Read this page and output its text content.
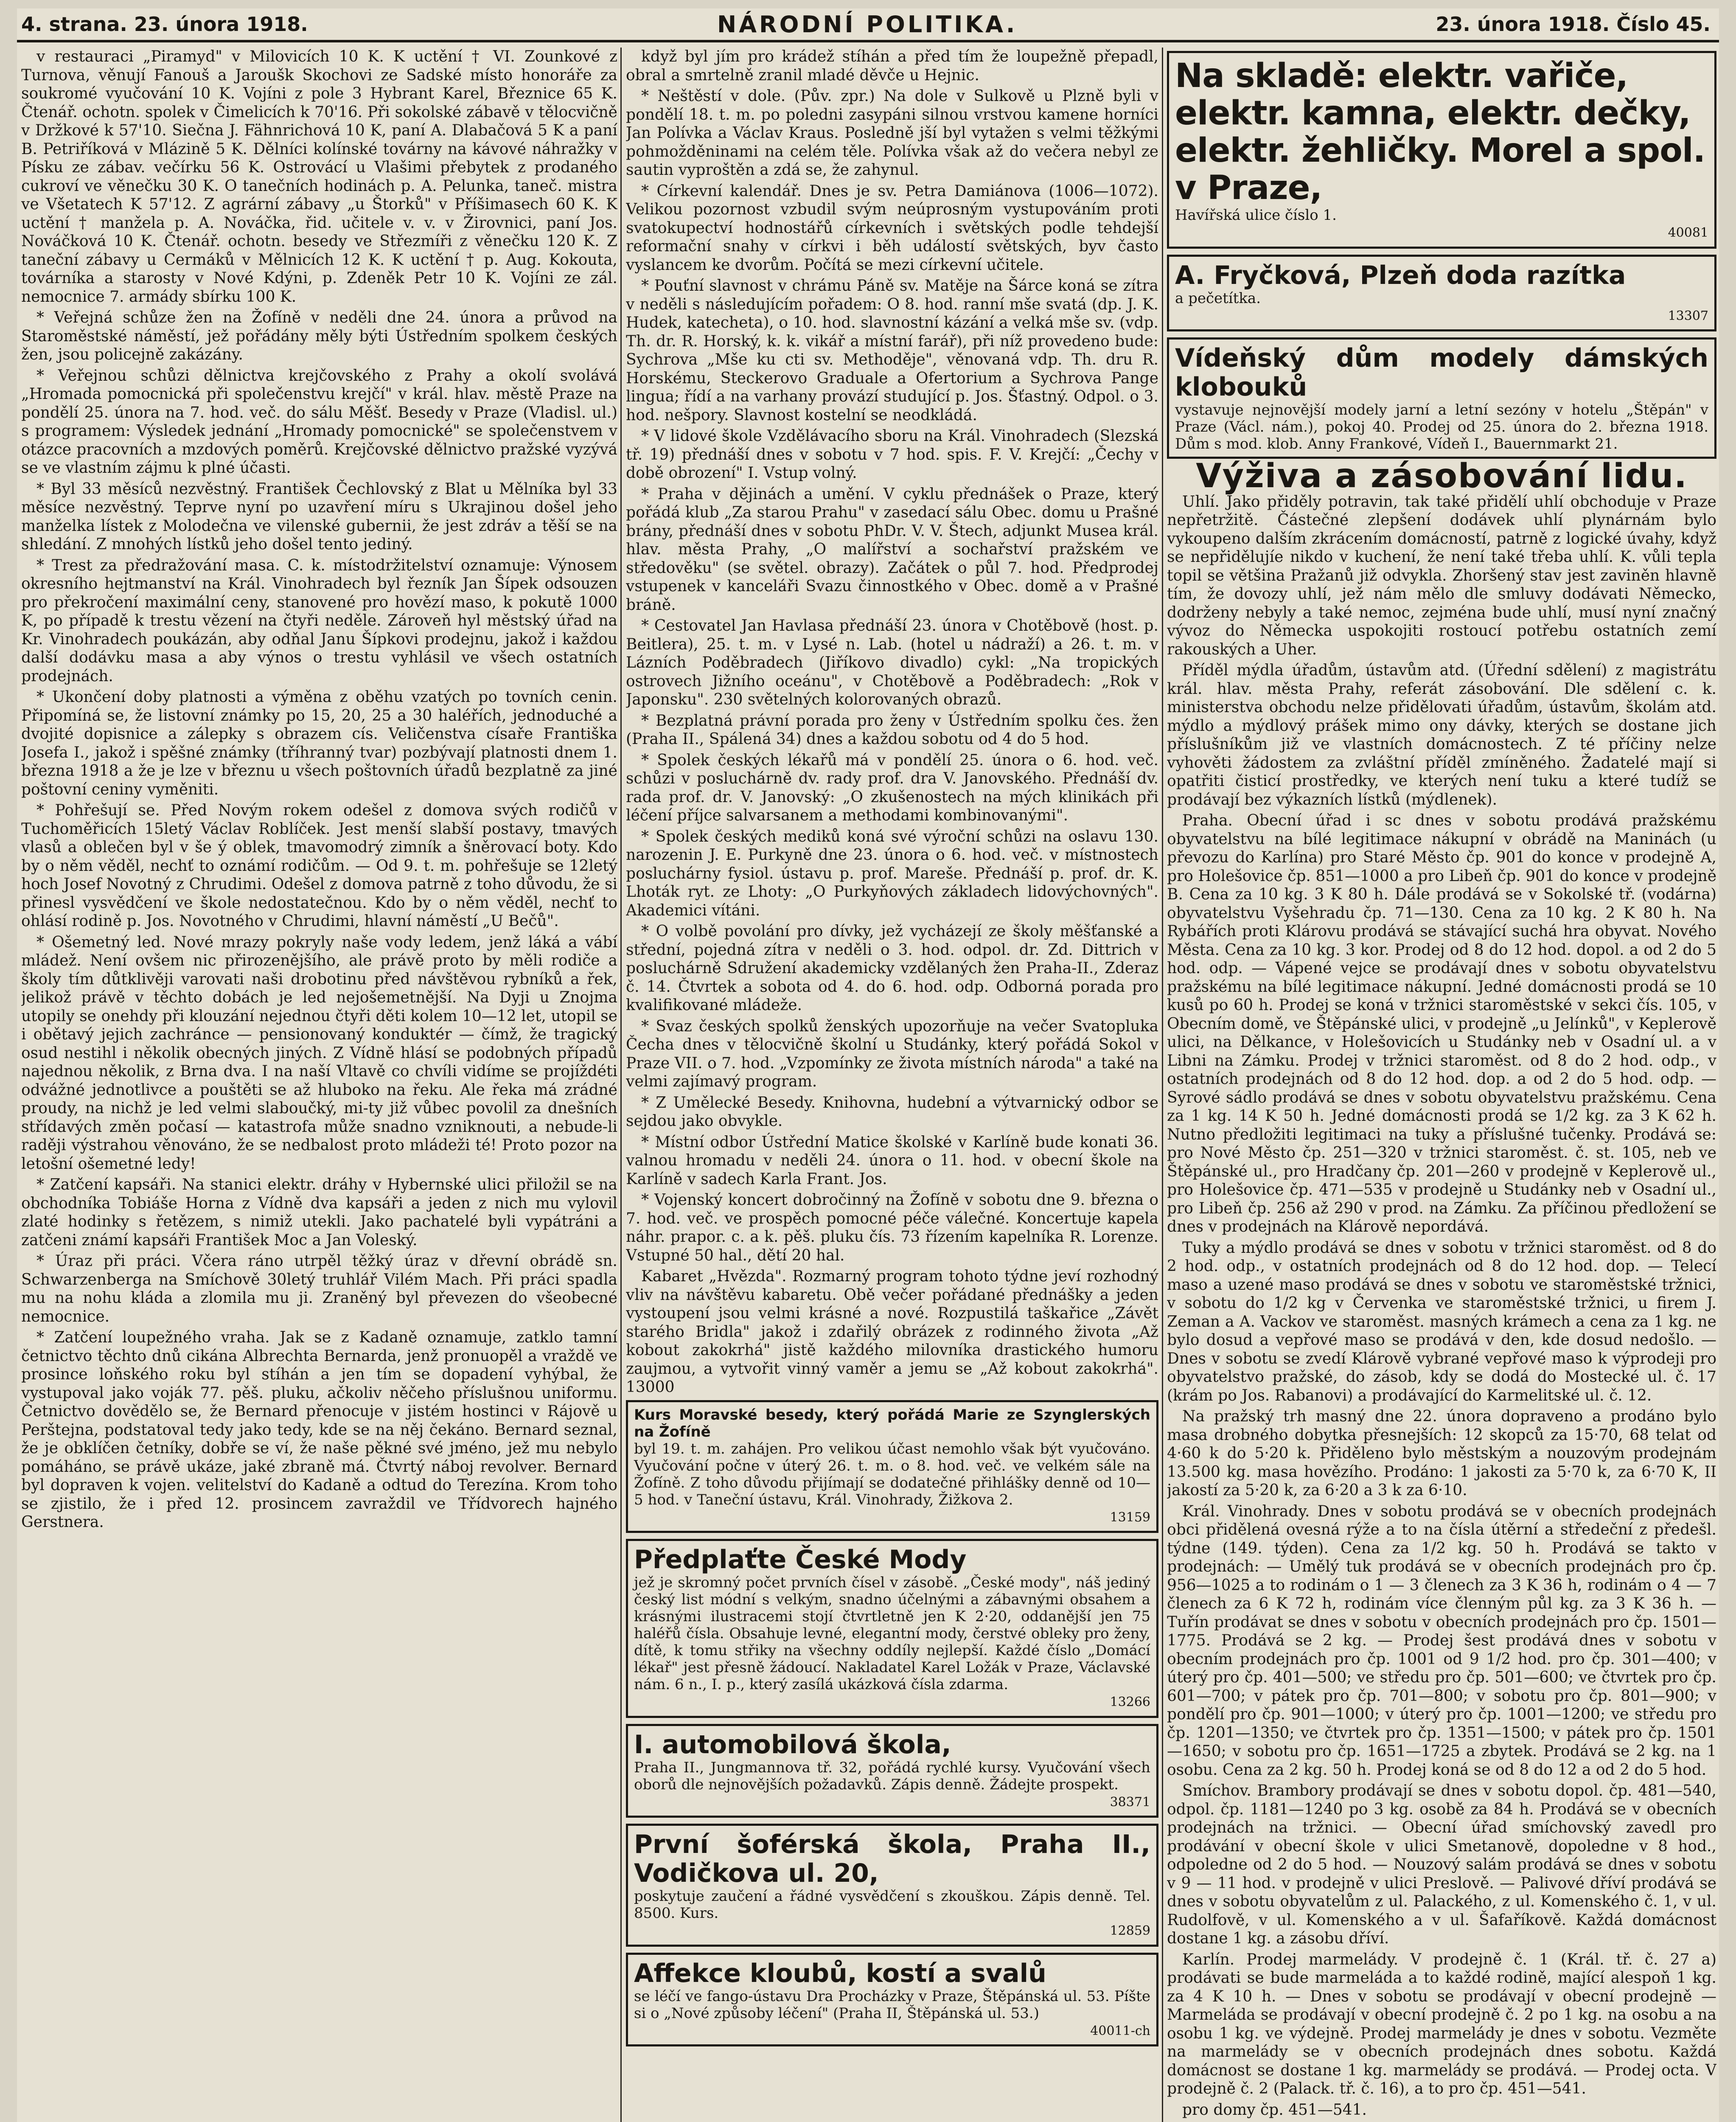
4. strana. 23. února 1918.	NÁRODNÍ POLITIKA.	23. února 1918. Číslo 45.

v restauraci „Piramyd" v Milovicích 10 K. K uctění † VI. Zounkové z Turnova, věnují Fanouš a Jaroušk Skochovi ze Sadské místo honoráře za soukromé vyučování 10 K. Vojíni z pole 3 Hybrant Karel, Březnice 65 K. Čtenář. ochotn. spolek v Čimelicích k 70'16. Při sokolské zábavě v tělocvičně v Držkové k 57'10. Siečna J. Fähnrichová 10 K, paní A. Dlabačová 5 K a paní B. Petriříková v Mlázině 5 K. Dělníci kolínské továrny na kávové náhražky v Písku ze zábav. večírku 56 K. Ostrovácí u Vlašimi přebytek z prodaného cukroví ve věnečku 30 K. O tanečních hodinách p. A. Pelunka, taneč. mistra ve Všetatech K 57'12. Z agrární zábavy „u Štorků" v Příšimasech 60 K. K uctění † manžela p. A. Nováčka, řid. učitele v. v. v Žirovnici, paní Jos. Nováčková 10 K. Čtenář. ochotn. besedy ve Střezmíři z věnečku 120 K. Z taneční zábavy u Cermáků v Mělnicích 12 K. K uctění † p. Aug. Kokouta, továrníka a starosty v Nové Kdýni, p. Zdeněk Petr 10 K. Vojíni ze zál. nemocnice 7. armády sbírku 100 K.

* Veřejná schůze žen na Žofíně v neděli dne 24. února a průvod na Staroměstské náměstí, jež pořádány měly býti Ústředním spolkem českých žen, jsou policejně zakázány.

* Veřejnou schůzi dělnictva krejčovského z Prahy a okolí svolává „Hromada pomocnická při společenstvu krejčí" v král. hlav. městě Praze na pondělí 25. února na 7. hod. več. do sálu Měšť. Besedy v Praze (Vladisl. ul.) s programem: Výsledek jednání „Hromady pomocnické" se společenstvem v otázce pracovních a mzdových poměrů. Krejčovské dělnictvo pražské vyzývá se ve vlastním zájmu k plné účasti.

* Byl 33 měsíců nezvěstný. František Čechlovský z Blat u Mělníka byl 33 měsíce nezvěstný. Teprve nyní po uzavření míru s Ukrajinou došel jeho manželka lístek z Molodečna ve vilenské gubernii, že jest zdráv a těší se na shledání. Z mnohých lístků jeho došel tento jediný.

* Trest za předražování masa. C. k. místodržitelství oznamuje: Výnosem okresního hejtmanství na Král. Vinohradech byl řezník Jan Šípek odsouzen pro překročení maximální ceny, stanovené pro hovězí maso, k pokutě 1000 K, po případě k trestu vězení na čtyři neděle. Zároveň hyl městský úřad na Kr. Vinohradech poukázán, aby odňal Janu Šípkovi prodejnu, jakož i každou další dodávku masa a aby výnos o trestu vyhlásil ve všech ostatních prodejnách.

* Ukončení doby platnosti a výměna z oběhu vzatých po tovních cenin. Připomíná se, že listovní známky po 15, 20, 25 a 30 haléřích, jednoduché a dvojité dopisnice a zálepky s obrazem cís. Veličenstva císaře Františka Josefa I., jakož i spěšné známky (tříhranný tvar) pozbývají platnosti dnem 1. března 1918 a že je lze v březnu u všech poštovních úřadů bezplatně za jiné poštovní ceniny vyměniti.

* Pohřešují se. Před Novým rokem odešel z domova svých rodičů v Tuchoměřicích 15letý Václav Roblíček. Jest menší slabší postavy, tmavých vlasů a oblečen byl v še ý oblek, tmavomodrý zimník a šněrovací boty. Kdo by o něm věděl, nechť to oznámí rodičům. — Od 9. t. m. pohřešuje se 12letý hoch Josef Novotný z Chrudimi. Odešel z domova patrně z toho důvodu, že si přinesl vysvědčení ve škole nedostatečnou. Kdo by o něm věděl, nechť to ohlásí rodině p. Jos. Novotného v Chrudimi, hlavní náměstí „U Bečů".

* Ošemetný led. Nové mrazy pokryly naše vody ledem, jenž láká a vábí mládež. Není ovšem nic přirozenějšího, ale právě proto by měli rodiče a školy tím důtklivěji varovati naši drobotinu před návštěvou rybníků a řek, jelikož právě v těchto dobách je led nejošemetnější. Na Dyji u Znojma utopily se onehdy při klouzání nejednou čtyři děti kolem 10—12 let, utopil se i obětavý jejich zachránce — pensionovaný konduktér — čímž, že tragický osud nestihl i několik obecných jiných. Z Vídně hlásí se podobných případů najednou několik, z Brna dva. I na naší Vltavě co chvíli vidíme se projíždéti odvážné jednotlivce a pouštěti se až hluboko na řeku. Ale řeka má zrádné proudy, na nichž je led velmi slaboučký, mi-ty již vůbec povolil za dnešních střídavých změn počasí — katastrofa může snadno vzniknouti, a nebude-li raději výstrahou věnováno, že se nedbalost proto mládeži té! Proto pozor na letošní ošemetné ledy!

* Zatčení kapsáři. Na stanici elektr. dráhy v Hybernské ulici přiložil se na obchodníka Tobiáše Horna z Vídně dva kapsáři a jeden z nich mu vylovil zlaté hodinky s řetězem, s nimiž utekli. Jako pachatelé byli vypátráni a zatčeni známí kapsáři František Moc a Jan Voleský.

* Úraz při práci. Včera ráno utrpěl těžký úraz v dřevní obrádě sn. Schwarzenberga na Smíchově 30letý truhlář Vilém Mach. Při práci spadla mu na nohu kláda a zlomila mu ji. Zraněný byl převezen do všeobecné nemocnice.

* Zatčení loupežného vraha. Jak se z Kadaně oznamuje, zatklo tamní četnictvo těchto dnů cikána Albrechta Bernarda, jenž pronuopěl a vraždě ve prosince loňského roku byl stíhán a jen tím se dopadení vyhýbal, že vystupoval jako voják 77. pěš. pluku, ačkoliv něčeho příslušnou uniformu. Četnictvo dovědělo se, že Bernard přenocuje v jistém hostinci v Rájově u Perštejna, podstatoval tedy jako tedy, kde se na něj čekáno. Bernard seznal, že je obklíčen četníky, dobře se ví, že naše pěkné své jméno, jež mu nebylo pomáháno, se právě ukáze, jaké zbraně má. Čtvrtý náboj revolver. Bernard byl dopraven k vojen. velitelství do Kadaně a odtud do Terezína. Krom toho se zjistilo, že i před 12. prosincem zavraždil ve Třídvorech hajného Gerstnera.

když byl jím pro krádež stíhán a před tím že loupežně přepadl, obral a smrtelně zranil mladé děvče u Hejnic.

* Neštěstí v dole. (Pův. zpr.) Na dole v Sulkově u Plzně byli v pondělí 18. t. m. po poledni zasypáni silnou vrstvou kamene horníci Jan Polívka a Václav Kraus. Posledně jší byl vytažen s velmi těžkými pohmožděninami na celém těle. Polívka však až do večera nebyl ze sautin vyproštěn a zdá se, že zahynul.

* Církevní kalendář. Dnes je sv. Petra Damiánova (1006—1072). Velikou pozornost vzbudil svým neúprosným vystupováním proti svatokupectví hodnostářů církevních i světských podle tehdejší reformační snahy v církvi i běh událostí světských, byv často vyslancem ke dvorům. Počítá se mezi církevní učitele.

* Pouťní slavnost v chrámu Páně sv. Matěje na Šárce koná se zítra v neděli s následujícím pořadem: O 8. hod. ranní mše svatá (dp. J. K. Hudek, katecheta), o 10. hod. slavnostní kázání a velká mše sv. (vdp. Th. dr. R. Horský, k. k. vikář a místní farář), při níž provedeno bude: Sychrova „Mše ku cti sv. Methoděje", věnovaná vdp. Th. dru R. Horskému, Steckerovo Graduale a Ofertorium a Sychrova Pange lingua; řídí a na varhany provází studující p. Jos. Šťastný. Odpol. o 3. hod. nešpory. Slavnost kostelní se neodkládá.

* V lidové škole Vzdělávacího sboru na Král. Vinohradech (Slezská tř. 19) přednáší dnes v sobotu v 7 hod. spis. F. V. Krejčí: „Čechy v době obrození" I. Vstup volný.

* Praha v dějinách a umění. V cyklu přednášek o Praze, který pořádá klub „Za starou Prahu" v zasedací sálu Obec. domu u Prašné brány, přednáší dnes v sobotu PhDr. V. V. Štech, adjunkt Musea král. hlav. města Prahy, „O malířství a sochařství pražském ve středověku" (se světel. obrazy). Začátek o půl 7. hod. Předprodej vstupenek v kanceláři Svazu činnostkého v Obec. domě a v Prašné bráně.

* Cestovatel Jan Havlasa přednáší 23. února v Chotěbově (host. p. Beitlera), 25. t. m. v Lysé n. Lab. (hotel u nádraží) a 26. t. m. v Lázních Poděbradech (Jiříkovo divadlo) cykl: „Na tropických ostrovech Jižního oceánu", v Chotěbově a Poděbradech: „Rok v Japonsku". 230 světelných kolorovaných obrazů.

* Bezplatná právní porada pro ženy v Ústředním spolku čes. žen (Praha II., Spálená 34) dnes a každou sobotu od 4 do 5 hod.

* Spolek českých lékařů má v pondělí 25. února o 6. hod. več. schůzi v posluchárně dv. rady prof. dra V. Janovského. Přednáší dv. rada prof. dr. V. Janovský: „O zkušenostech na mých klinikách při léčení příjce salvarsanem a methodami kombinovanými".

* Spolek českých mediků koná své výroční schůzi na oslavu 130. narozenin J. E. Purkyně dne 23. února o 6. hod. več. v místnostech posluchárny fysiol. ústavu p. prof. Mareše. Přednáší p. prof. dr. K. Lhoták ryt. ze Lhoty: „O Purkyňových základech lidovýchovných". Akademici vítáni.

* O volbě povolání pro dívky, jež vycházejí ze školy měšťanské a střední, pojedná zítra v neděli o 3. hod. odpol. dr. Zd. Dittrich v posluchárně Sdružení akademicky vzdělaných žen Praha-II., Zderaz č. 14. Čtvrtek a sobota od 4. do 6. hod. odp. Odborná porada pro kvalifikované mládeže.

* Svaz českých spolků ženských upozorňuje na večer Svatopluka Čecha dnes v tělocvičně školní u Studánky, který pořádá Sokol v Praze VII. o 7. hod. „Vzpomínky ze života místních národa" a také na velmi zajímavý program.

* Z Umělecké Besedy. Knihovna, hudební a výtvarnický odbor se sejdou jako obvykle.

* Místní odbor Ústřední Matice školské v Karlíně bude konati 36. valnou hromadu v neděli 24. února o 11. hod. v obecní škole na Karlíně v sadech Karla Frant. Jos.

* Vojenský koncert dobročinný na Žofíně v sobotu dne 9. března o 7. hod. več. ve prospěch pomocné péče válečné. Koncertuje kapela náhr. prapor. c. a k. pěš. pluku čís. 73 řízením kapelníka R. Lorenze. Vstupné 50 hal., dětí 20 hal.

Kabaret „Hvězda". Rozmarný program tohoto týdne jeví rozhodný vliv na návštěvu kabaretu. Obě večer pořádané přednášky a jeden vystoupení jsou velmi krásné a nové. Rozpustilá taškařice „Závět starého Bridla" jakož i zdařilý obrázek z rodinného života „Až kobout zakokrhá" jistě každého milovníka drastického humoru zaujmou, a vytvořit vinný vaměr a jemu se „Až kobout zakokrhá". 13000

Kurs Moravské besedy, který pořádá Marie ze Szynglerských na Žofíně
byl 19. t. m. zahájen. Pro velikou účast nemohlo však být vyučováno. Vyučování počne v úterý 26. t. m. o 8. hod. več. ve velkém sále na Žofíně. Z toho důvodu přijímají se dodatečné přihlášky denně od 10—5 hod. v Taneční ústavu, Král. Vinohrady, Žižkova 2.
13159
Předplaťte České Mody
jež je skromný počet prvních čísel v zásobě. „České mody", náš jediný český list módní s velkým, snadno účelnými a zábavnými obsahem a krásnými ilustracemi stojí čtvrtletně jen K 2·20, oddanější jen 75 haléřů čísla. Obsahuje levné, elegantní mody, čerstvé obleky pro ženy, dítě, k tomu střiky na všechny oddíly nejlepší. Každé číslo „Domácí lékař" jest přesně žádoucí. Nakladatel Karel Ložák v Praze, Václavské nám. 6 n., I. p., který zasílá ukázková čísla zdarma.
13266
I. automobilová škola,
Praha II., Jungmannova tř. 32, pořádá rychlé kursy. Vyučování všech oborů dle nejnovějších požadavků. Zápis denně. Žádejte prospekt.
38371
První šoférská škola, Praha II., Vodičkova ul. 20,
poskytuje zaučení a řádné vysvědčení s zkouškou. Zápis denně. Tel. 8500. Kurs.
12859
Affekce kloubů, kostí a svalů
se léčí ve fango-ústavu Dra Procházky v Praze, Štěpánská ul. 53. Píšte si o „Nové způsoby léčení" (Praha II, Štěpánská ul. 53.)
40011-ch
Na skladě: elektr. vařiče, elektr. kamna, elektr. dečky, elektr. žehličky. Morel a spol. v Praze,
Havířská ulice číslo 1.
40081
A. Fryčková, Plzeň doda razítka
a pečetítka.
13307
Vídeňský dům modely dámských klobouků
vystavuje nejnovější modely jarní a letní sezóny v hotelu „Štěpán" v Praze (Václ. nám.), pokoj 40. Prodej od 25. února do 2. března 1918. Dům s mod. klob. Anny Frankové, Vídeň I., Bauernmarkt 21.
Výživa a zásobování lidu.

Uhlí. Jako přiděly potravin, tak také přidělí uhlí obchoduje v Praze nepřetržitě. Částečné zlepšení dodávek uhlí plynárnám bylo vykoupeno dalším zkrácením domácností, patrně z logické úvahy, když se nepřidělujíe nikdo v kuchení, že není také třeba uhlí. K. vůli tepla topil se většina Pražanů již odvykla. Zhoršený stav jest zaviněn hlavně tím, že dovozy uhlí, jež nám mělo dle smluvy dodávati Německo, dodrženy nebyly a také nemoc, zejména bude uhlí, musí nyní značný vývoz do Německa uspokojiti rostoucí potřebu ostatních zemí rakouských a Uher.

Příděl mýdla úřadům, ústavům atd. (Úřední sdělení) z magistrátu král. hlav. města Prahy, referát zásobování. Dle sdělení c. k. ministerstva obchodu nelze přidělovati úřadům, ústavům, školám atd. mýdlo a mýdlový prášek mimo ony dávky, kterých se dostane jich příslušníkům již ve vlastních domácnostech. Z té příčiny nelze vyhověti žádostem za zvláštní příděl zmíněného. Žadatelé mají si opatřiti čisticí prostředky, ve kterých není tuku a které tudíž se prodávají bez výkazních lístků (mýdlenek).

Praha. Obecní úřad i sc dnes v sobotu prodává pražskému obyvatelstvu na bílé legitimace nákupní v obrádě na Maninách (u převozu do Karlína) pro Staré Město čp. 901 do konce v prodejně A, pro Holešovice čp. 851—1000 a pro Libeň čp. 901 do konce v prodejně B. Cena za 10 kg. 3 K 80 h. Dále prodává se v Sokolské tř. (vodárna) obyvatelstvu Vyšehradu čp. 71—130. Cena za 10 kg. 2 K 80 h. Na Rybářích proti Klárovu prodává se stávající suchá hra obyvat. Nového Města. Cena za 10 kg. 3 kor. Prodej od 8 do 12 hod. dopol. a od 2 do 5 hod. odp. — Vápené vejce se prodávají dnes v sobotu obyvatelstvu pražskému na bílé legitimace nákupní. Jedné domácnosti prodá se 10 kusů po 60 h. Prodej se koná v tržnici staroměstské v sekci čís. 105, v Obecním domě, ve Štěpánské ulici, v prodejně „u Jelínků", v Keplerově ulici, na Dělkance, v Holešovicích u Studánky neb v Osadní ul. a v Libni na Zámku. Prodej v tržnici staroměst. od 8 do 2 hod. odp., v ostatních prodejnách od 8 do 12 hod. dop. a od 2 do 5 hod. odp. — Syrové sádlo prodává se dnes v sobotu obyvatelstvu pražskému. Cena za 1 kg. 14 K 50 h. Jedné domácnosti prodá se 1/2 kg. za 3 K 62 h. Nutno předložiti legitimaci na tuky a příslušné tučenky. Prodává se: pro Nové Město čp. 251—320 v tržnici staroměst. č. st. 105, neb ve Štěpánské ul., pro Hradčany čp. 201—260 v prodejně v Keplerově ul., pro Holešovice čp. 471—535 v prodejně u Studánky neb v Osadní ul., pro Libeň čp. 256 až 290 v prod. na Zámku. Za příčinou předložení se dnes v prodejnách na Klárově nepordává.

Tuky a mýdlo prodává se dnes v sobotu v tržnici staroměst. od 8 do 2 hod. odp., v ostatních prodejnách od 8 do 12 hod. dop. — Telecí maso a uzené maso prodává se dnes v sobotu ve staroměstské tržnici, v sobotu do 1/2 kg v Červenka ve staroměstské tržnici, u firem J. Zeman a A. Vackov ve staroměst. masných krámech a cena za 1 kg. ne bylo dosud a vepřové maso se prodává v den, kde dosud nedošlo. — Dnes v sobotu se zvedí Klárově vybrané vepřové maso k výprodeji pro obyvatelstvo pražské, do zásob, kdy se dodá do Mostecké ul. č. 17 (krám po Jos. Rabanovi) a prodávající do Karmelitské ul. č. 12.

Na pražský trh masný dne 22. února dopraveno a prodáno bylo masa drobného dobytka přesnejších: 12 skopců za 15·70, 68 telat od 4·60 k do 5·20 k. Přiděleno bylo městským a nouzovým prodejnám 13.500 kg. masa hovězího. Prodáno: 1 jakosti za 5·70 k, za 6·70 K, II jakostí za 5·20 k, za 6·20 a 3 k za 6·10.

Král. Vinohrady. Dnes v sobotu prodává se v obecních prodejnách obci přidělená ovesná rýže a to na čísla útěrní a středeční z předešl. týdne (149. týden). Cena za 1/2 kg. 50 h. Prodává se takto v prodejnách: — Umělý tuk prodává se v obecních prodejnách pro čp. 956—1025 a to rodinám o 1 — 3 členech za 3 K 36 h, rodinám o 4 — 7 členech za 6 K 72 h, rodinám více členným půl kg. za 3 K 36 h. — Tuřín prodávat se dnes v sobotu v obecních prodejnách pro čp. 1501—1775. Prodává se 2 kg. — Prodej šest prodává dnes v sobotu v obecním prodejnách pro čp. 1001 od 9 1/2 hod. pro čp. 301—400; v úterý pro čp. 401—500; ve středu pro čp. 501—600; ve čtvrtek pro čp. 601—700; v pátek pro čp. 701—800; v sobotu pro čp. 801—900; v pondělí pro čp. 901—1000; v úterý pro čp. 1001—1200; ve středu pro čp. 1201—1350; ve čtvrtek pro čp. 1351—1500; v pátek pro čp. 1501—1650; v sobotu pro čp. 1651—1725 a zbytek. Prodává se 2 kg. na 1 osobu. Cena za 2 kg. 50 h. Prodej koná se od 8 do 12 a od 2 do 5 hod.

Smíchov. Brambory prodávají se dnes v sobotu dopol. čp. 481—540, odpol. čp. 1181—1240 po 3 kg. osobě za 84 h. Prodává se v obecních prodejnách na tržnici. — Obecní úřad smíchovský zavedl pro prodávání v obecní škole v ulici Smetanově, dopoledne v 8 hod., odpoledne od 2 do 5 hod. — Nouzový salám prodává se dnes v sobotu v 9 — 11 hod. v prodejně v ulici Preslově. — Palivové dříví prodává se dnes v sobotu obyvatelům z ul. Palackého, z ul. Komenského č. 1, v ul. Rudolfově, v ul. Komenského a v ul. Šafaříkově. Každá domácnost dostane 1 kg. a zásobu dříví.

Karlín. Prodej marmelády. V prodejně č. 1 (Král. tř. č. 27 a) prodávati se bude marmeláda a to každé rodině, mající alespoň 1 kg. za 4 K 10 h. — Dnes v sobotu se prodávají v obecní prodejně — Marmeláda se prodávají v obecní prodejně č. 2 po 1 kg. na osobu a na osobu 1 kg. ve výdejně. Prodej marmelády je dnes v sobotu. Vezměte na marmelády se v obecních prodejnách dnes sobotu. Každá domácnost se dostane 1 kg. marmelády se prodává. — Prodej octa. V prodejně č. 2 (Palack. tř. č. 16), a to pro čp. 451—541.

pro domy čp. 451—541.
